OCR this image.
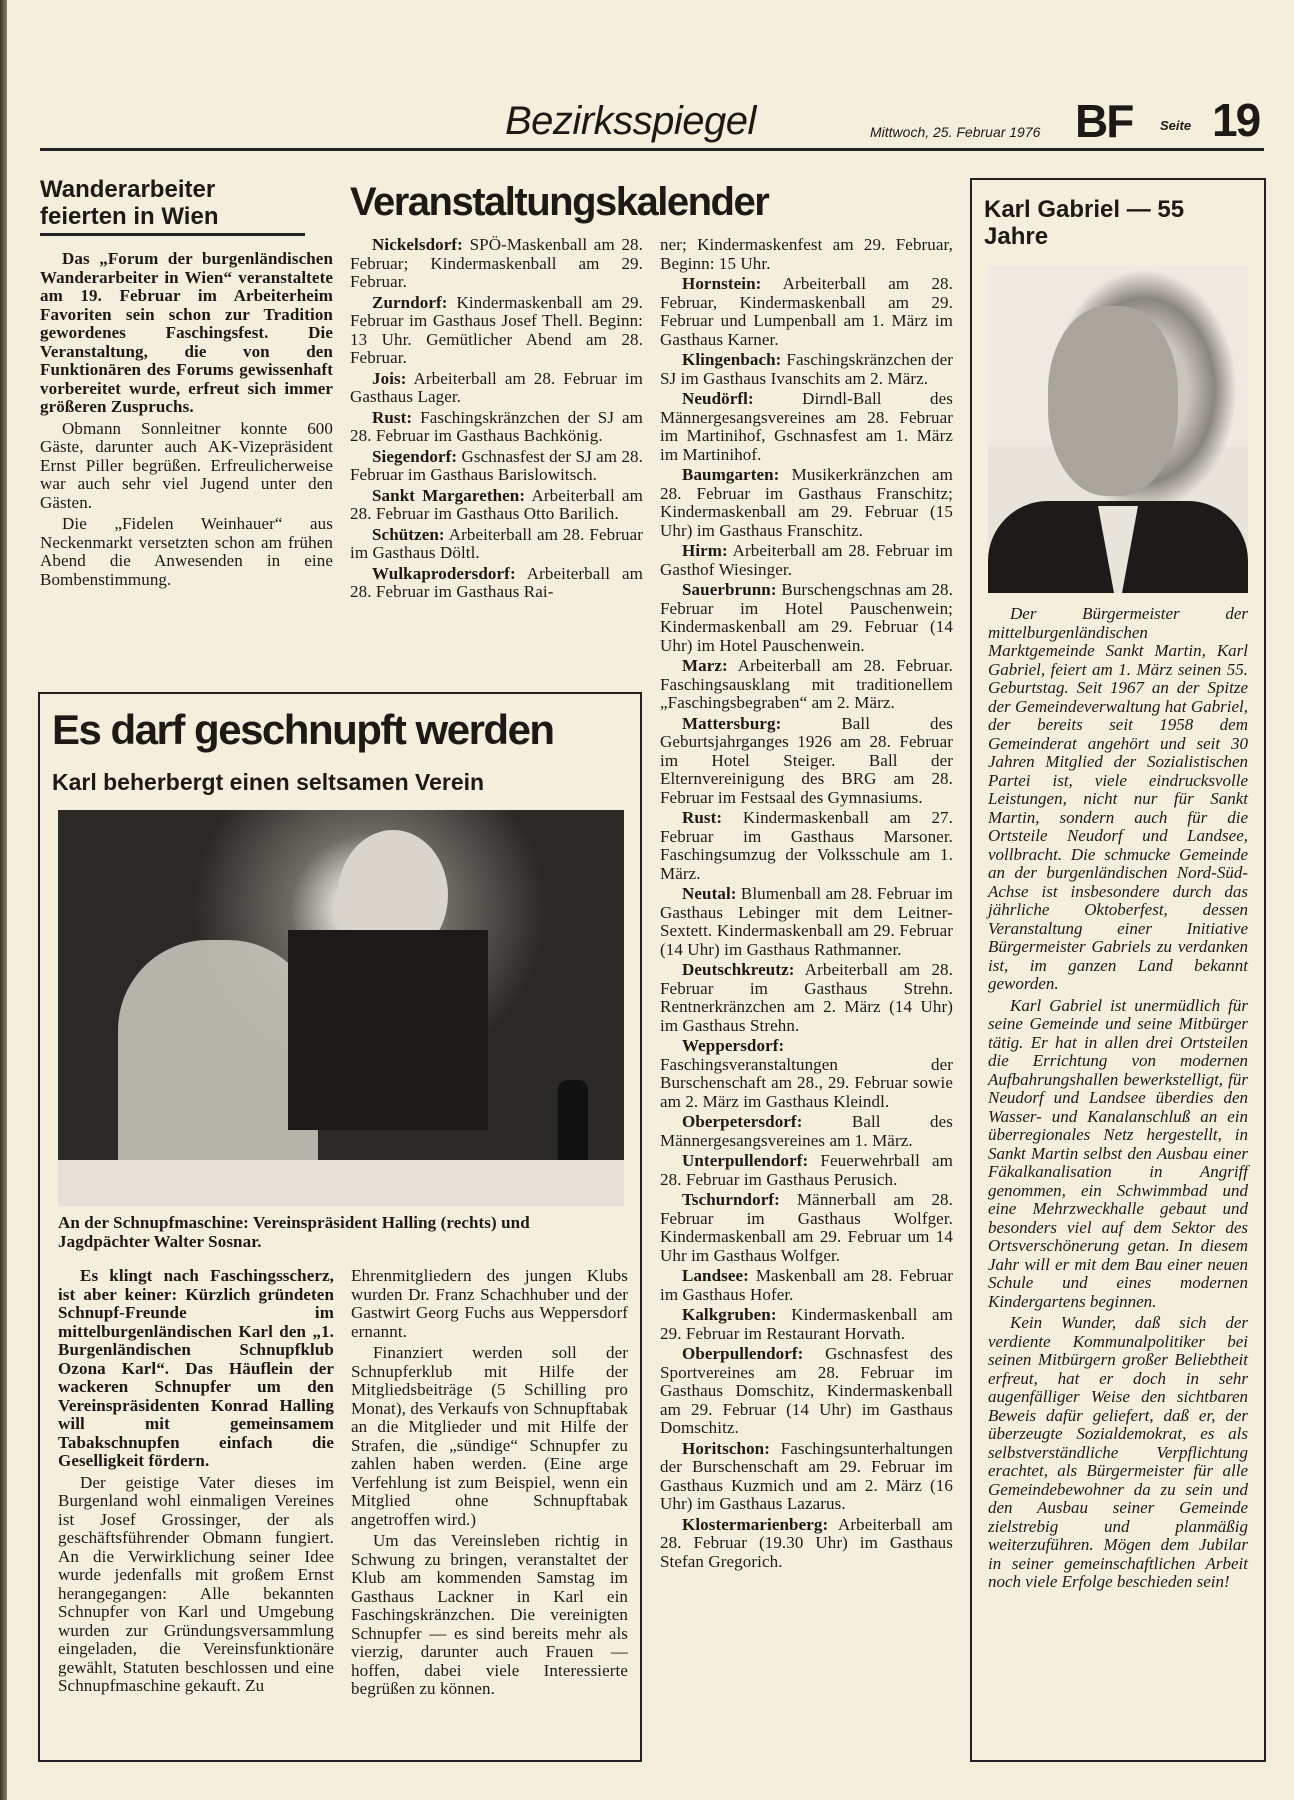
Bezirksspiegel	Mittwoch, 25. Februar 1976 BF Seite 19
Wanderarbeiter feierten in Wien

Das „Forum der burgenländischen Wanderarbeiter in Wien“ veranstaltete am 19. Februar im Arbeiterheim Favoriten sein schon zur Tradition gewordenes Faschingsfest. Die Veranstaltung, die von den Funktionären des Forums gewissenhaft vorbereitet wurde, erfreut sich immer größeren Zuspruchs.

Obmann Sonnleitner konnte 600 Gäste, darunter auch AK-Vizepräsident Ernst Piller begrüßen. Erfreulicherweise war auch sehr viel Jugend unter den Gästen.

Die „Fidelen Weinhauer“ aus Neckenmarkt versetzten schon am frühen Abend die Anwesenden in eine Bombenstimmung.

Veranstaltungskalender
Nickelsdorf: SPÖ-Maskenball am 28. Februar; Kindermaskenball am 29. Februar.
Zurndorf: Kindermaskenball am 29. Februar im Gasthaus Josef Thell. Beginn: 13 Uhr. Gemütlicher Abend am 28. Februar.
Jois: Arbeiterball am 28. Februar im Gasthaus Lager.
Rust: Faschingskränzchen der SJ am 28. Februar im Gasthaus Bachkönig.
Siegendorf: Gschnasfest der SJ am 28. Februar im Gasthaus Barislowitsch.
Sankt Margarethen: Arbeiterball am 28. Februar im Gasthaus Otto Barilich.
Schützen: Arbeiterball am 28. Februar im Gasthaus Döltl.
Wulkaprodersdorf: Arbeiterball am 28. Februar im Gasthaus Rai-
ner; Kindermaskenfest am 29. Februar, Beginn: 15 Uhr.
Hornstein: Arbeiterball am 28. Februar, Kindermaskenball am 29. Februar und Lumpenball am 1. März im Gasthaus Karner.
Klingenbach: Faschingskränzchen der SJ im Gasthaus Ivanschits am 2. März.
Neudörfl: Dirndl-Ball des Männergesangsvereines am 28. Februar im Martinihof, Gschnasfest am 1. März im Martinihof.
Baumgarten: Musikerkränzchen am 28. Februar im Gasthaus Franschitz; Kindermaskenball am 29. Februar (15 Uhr) im Gasthaus Franschitz.
Hirm: Arbeiterball am 28. Februar im Gasthof Wiesinger.
Sauerbrunn: Burschengschnas am 28. Februar im Hotel Pauschenwein; Kindermaskenball am 29. Februar (14 Uhr) im Hotel Pauschenwein.
Marz: Arbeiterball am 28. Februar. Faschingsausklang mit traditionellem „Faschingsbegraben“ am 2. März.
Mattersburg: Ball des Geburtsjahrganges 1926 am 28. Februar im Hotel Steiger. Ball der Elternvereinigung des BRG am 28. Februar im Festsaal des Gymnasiums.
Rust: Kindermaskenball am 27. Februar im Gasthaus Marsoner. Faschingsumzug der Volksschule am 1. März.
Neutal: Blumenball am 28. Februar im Gasthaus Lebinger mit dem Leitner-Sextett. Kindermaskenball am 29. Februar (14 Uhr) im Gasthaus Rathmanner.
Deutschkreutz: Arbeiterball am 28. Februar im Gasthaus Strehn. Rentnerkränzchen am 2. März (14 Uhr) im Gasthaus Strehn.
Weppersdorf: Faschingsveranstaltungen der Burschenschaft am 28., 29. Februar sowie am 2. März im Gasthaus Kleindl.
Oberpetersdorf: Ball des Männergesangsvereines am 1. März.
Unterpullendorf: Feuerwehrball am 28. Februar im Gasthaus Perusich.
Tschurndorf: Männerball am 28. Februar im Gasthaus Wolfger. Kindermaskenball am 29. Februar um 14 Uhr im Gasthaus Wolfger.
Landsee: Maskenball am 28. Februar im Gasthaus Hofer.
Kalkgruben: Kindermaskenball am 29. Februar im Restaurant Horvath.
Oberpullendorf: Gschnasfest des Sportvereines am 28. Februar im Gasthaus Domschitz, Kindermaskenball am 29. Februar (14 Uhr) im Gasthaus Domschitz.
Horitschon: Faschingsunterhaltungen der Burschenschaft am 29. Februar im Gasthaus Kuzmich und am 2. März (16 Uhr) im Gasthaus Lazarus.
Klostermarienberg: Arbeiterball am 28. Februar (19.30 Uhr) im Gasthaus Stefan Gregorich.
Es darf geschnupft werden
Karl beherbergt einen seltsamen Verein
An der Schnupfmaschine: Vereinspräsident Halling (rechts) und Jagdpächter Walter Sosnar.

Es klingt nach Faschingsscherz, ist aber keiner: Kürzlich gründeten Schnupf-Freunde im mittelburgenländischen Karl den „1. Burgenländischen Schnupfklub Ozona Karl“. Das Häuflein der wackeren Schnupfer um den Vereinspräsidenten Konrad Halling will mit gemeinsamem Tabakschnupfen einfach die Geselligkeit fördern.

Der geistige Vater dieses im Burgenland wohl einmaligen Vereines ist Josef Grossinger, der als geschäftsführender Obmann fungiert. An die Verwirklichung seiner Idee wurde jedenfalls mit großem Ernst herangegangen: Alle bekannten Schnupfer von Karl und Umgebung wurden zur Gründungsversammlung eingeladen, die Vereinsfunktionäre gewählt, Statuten beschlossen und eine Schnupfmaschine gekauft. Zu

Ehrenmitgliedern des jungen Klubs wurden Dr. Franz Schachhuber und der Gastwirt Georg Fuchs aus Weppersdorf ernannt.

Finanziert werden soll der Schnupferklub mit Hilfe der Mitgliedsbeiträge (5 Schilling pro Monat), des Verkaufs von Schnupftabak an die Mitglieder und mit Hilfe der Strafen, die „sündige“ Schnupfer zu zahlen haben werden. (Eine arge Verfehlung ist zum Beispiel, wenn ein Mitglied ohne Schnupftabak angetroffen wird.)

Um das Vereinsleben richtig in Schwung zu bringen, veranstaltet der Klub am kommenden Samstag im Gasthaus Lackner in Karl ein Faschingskränzchen. Die vereinigten Schnupfer — es sind bereits mehr als vierzig, darunter auch Frauen — hoffen, dabei viele Interessierte begrüßen zu können.

Karl Gabriel — 55 Jahre

Der Bürgermeister der mittelburgenländischen Marktgemeinde Sankt Martin, Karl Gabriel, feiert am 1. März seinen 55. Geburtstag. Seit 1967 an der Spitze der Gemeindeverwaltung hat Gabriel, der bereits seit 1958 dem Gemeinderat angehört und seit 30 Jahren Mitglied der Sozialistischen Partei ist, viele eindrucksvolle Leistungen, nicht nur für Sankt Martin, sondern auch für die Ortsteile Neudorf und Landsee, vollbracht. Die schmucke Gemeinde an der burgenländischen Nord-Süd-Achse ist insbesondere durch das jährliche Oktoberfest, dessen Veranstaltung einer Initiative Bürgermeister Gabriels zu verdanken ist, im ganzen Land bekannt geworden.

Karl Gabriel ist unermüdlich für seine Gemeinde und seine Mitbürger tätig. Er hat in allen drei Ortsteilen die Errichtung von modernen Aufbahrungshallen bewerkstelligt, für Neudorf und Landsee überdies den Wasser- und Kanalanschluß an ein überregionales Netz hergestellt, in Sankt Martin selbst den Ausbau einer Fäkalkanalisation in Angriff genommen, ein Schwimmbad und eine Mehrzweckhalle gebaut und besonders viel auf dem Sektor des Ortsverschönerung getan. In diesem Jahr will er mit dem Bau einer neuen Schule und eines modernen Kindergartens beginnen.

Kein Wunder, daß sich der verdiente Kommunalpolitiker bei seinen Mitbürgern großer Beliebtheit erfreut, hat er doch in sehr augenfälliger Weise den sichtbaren Beweis dafür geliefert, daß er, der überzeugte Sozialdemokrat, es als selbstverständliche Verpflichtung erachtet, als Bürgermeister für alle Gemeindebewohner da zu sein und den Ausbau seiner Gemeinde zielstrebig und planmäßig weiterzuführen. Mögen dem Jubilar in seiner gemeinschaftlichen Arbeit noch viele Erfolge beschieden sein!
